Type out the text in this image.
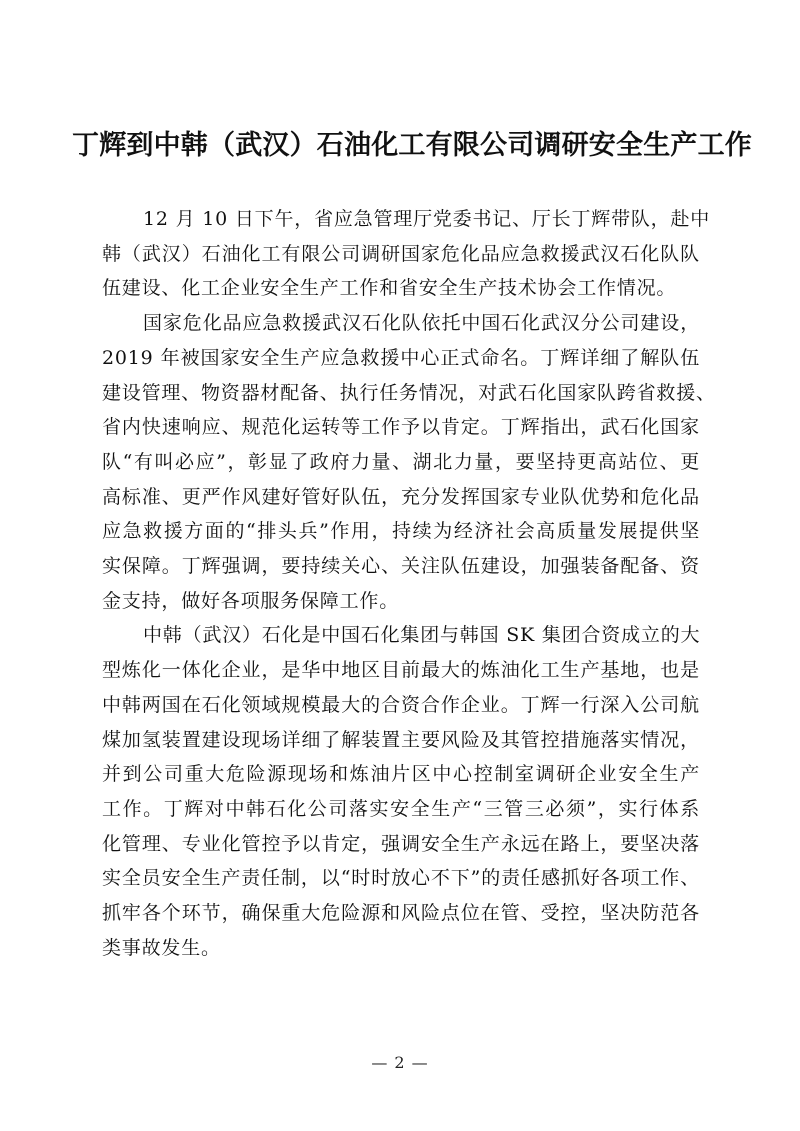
丁辉到中韩（武汉）石油化工有限公司调研安全生产工作

12 月 10 日下午，省应急管理厅党委书记、厅长丁辉带队，赴中
韩（武汉）石油化工有限公司调研国家危化品应急救援武汉石化队队
伍建设、化工企业安全生产工作和省安全生产技术协会工作情况。

国家危化品应急救援武汉石化队依托中国石化武汉分公司建设，
2019 年被国家安全生产应急救援中心正式命名。丁辉详细了解队伍
建设管理、物资器材配备、执行任务情况，对武石化国家队跨省救援、
省内快速响应、规范化运转等工作予以肯定。丁辉指出，武石化国家
队“有叫必应”，彰显了政府力量、湖北力量，要坚持更高站位、更
高标准、更严作风建好管好队伍，充分发挥国家专业队优势和危化品
应急救援方面的“排头兵”作用，持续为经济社会高质量发展提供坚
实保障。丁辉强调，要持续关心、关注队伍建设，加强装备配备、资
金支持，做好各项服务保障工作。

中韩（武汉）石化是中国石化集团与韩国 SK 集团合资成立的大
型炼化一体化企业，是华中地区目前最大的炼油化工生产基地，也是
中韩两国在石化领域规模最大的合资合作企业。丁辉一行深入公司航
煤加氢装置建设现场详细了解装置主要风险及其管控措施落实情况，
并到公司重大危险源现场和炼油片区中心控制室调研企业安全生产
工作。丁辉对中韩石化公司落实安全生产“三管三必须”，实行体系
化管理、专业化管控予以肯定，强调安全生产永远在路上，要坚决落
实全员安全生产责任制，以“时时放心不下”的责任感抓好各项工作、
抓牢各个环节，确保重大危险源和风险点位在管、受控，坚决防范各
类事故发生。

— 2 —
